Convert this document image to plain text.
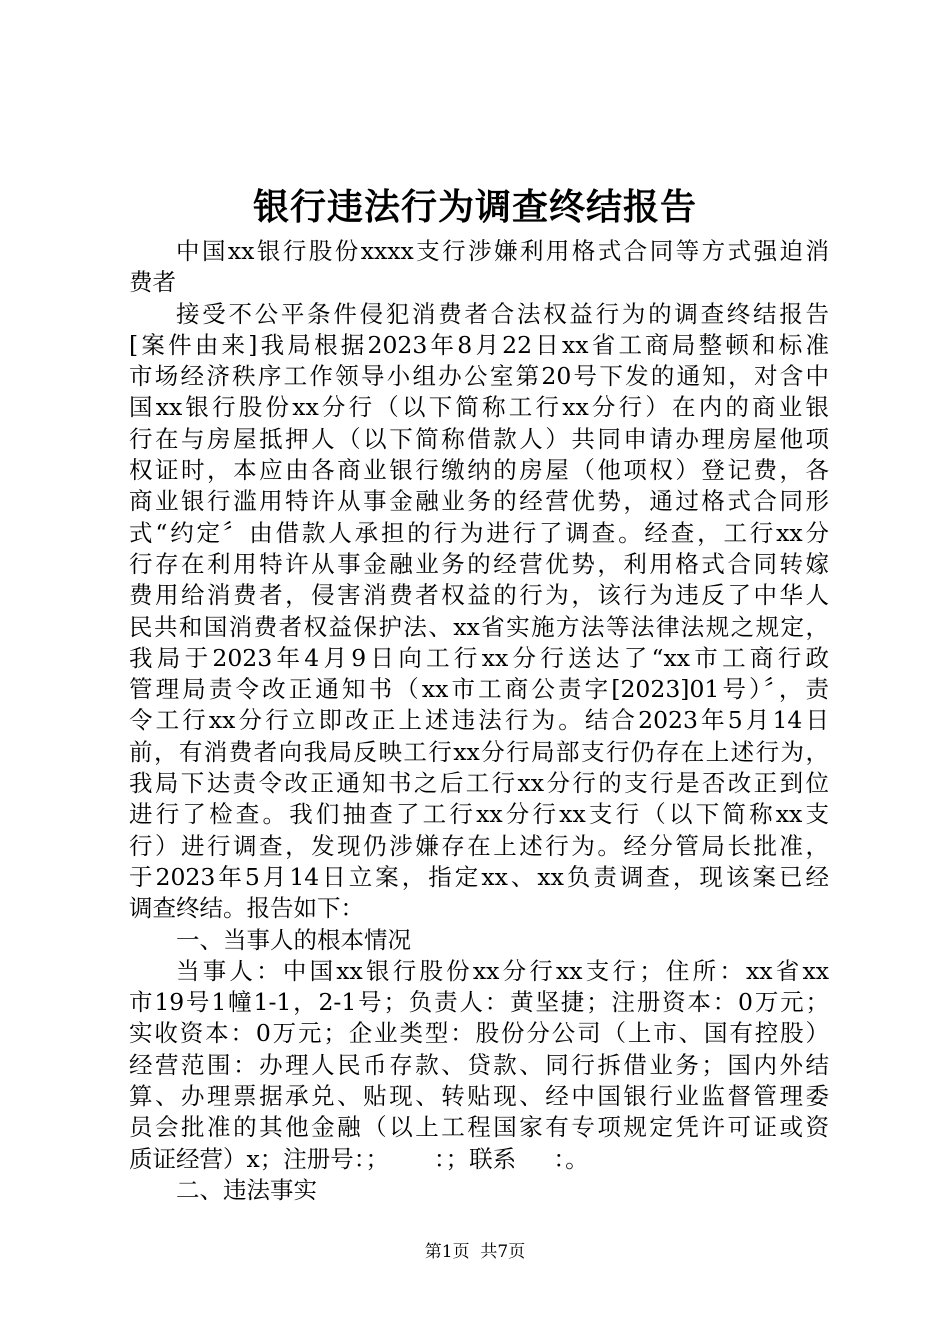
银行违法行为调查终结报告
中国xx银行股份xxxx支行涉嫌利用格式合同等方式强迫消
费者
接受不公平条件侵犯消费者合法权益行为的调查终结报告
[案件由来]我局根据2023年8月22日xx省工商局整顿和标准
市场经济秩序工作领导小组办公室第20号下发的通知，对含中
国xx银行股份xx分行（以下简称工行xx分行）在内的商业银
行在与房屋抵押人（以下简称借款人）共同申请办理房屋他项
权证时，本应由各商业银行缴纳的房屋（他项权）登记费，各
商业银行滥用特许从事金融业务的经营优势，通过格式合同形
式“约定〞由借款人承担的行为进行了调查。经查，工行xx分
行存在利用特许从事金融业务的经营优势，利用格式合同转嫁
费用给消费者，侵害消费者权益的行为，该行为违反了中华人
民共和国消费者权益保护法、xx省实施方法等法律法规之规定，
我局于2023年4月9日向工行xx分行送达了“xx市工商行政
管理局责令改正通知书（xx市工商公责字[2023]01号）〞，责
令工行xx分行立即改正上述违法行为。结合2023年5月14日
前，有消费者向我局反映工行xx分行局部支行仍存在上述行为，
我局下达责令改正通知书之后工行xx分行的支行是否改正到位
进行了检查。我们抽查了工行xx分行xx支行（以下简称xx支
行）进行调查，发现仍涉嫌存在上述行为。经分管局长批准，
于2023年5月14日立案，指定xx、xx负责调查，现该案已经
调查终结。报告如下：
一、当事人的根本情况
当事人：中国xx银行股份xx分行xx支行；住所：xx省xx
市19号1幢1-1，2-1号；负责人：黄坚捷；注册资本：0万元；
实收资本：0万元；企业类型：股份分公司（上市、国有控股）
经营范围：办理人民币存款、贷款、同行拆借业务；国内外结
算、办理票据承兑、贴现、转贴现、经中国银行业监督管理委
员会批准的其他金融（以上工程国家有专项规定凭许可证或资
质证经营）x；注册号：；      ：；联系     ：。
二、违法事实
第1页  共7页
